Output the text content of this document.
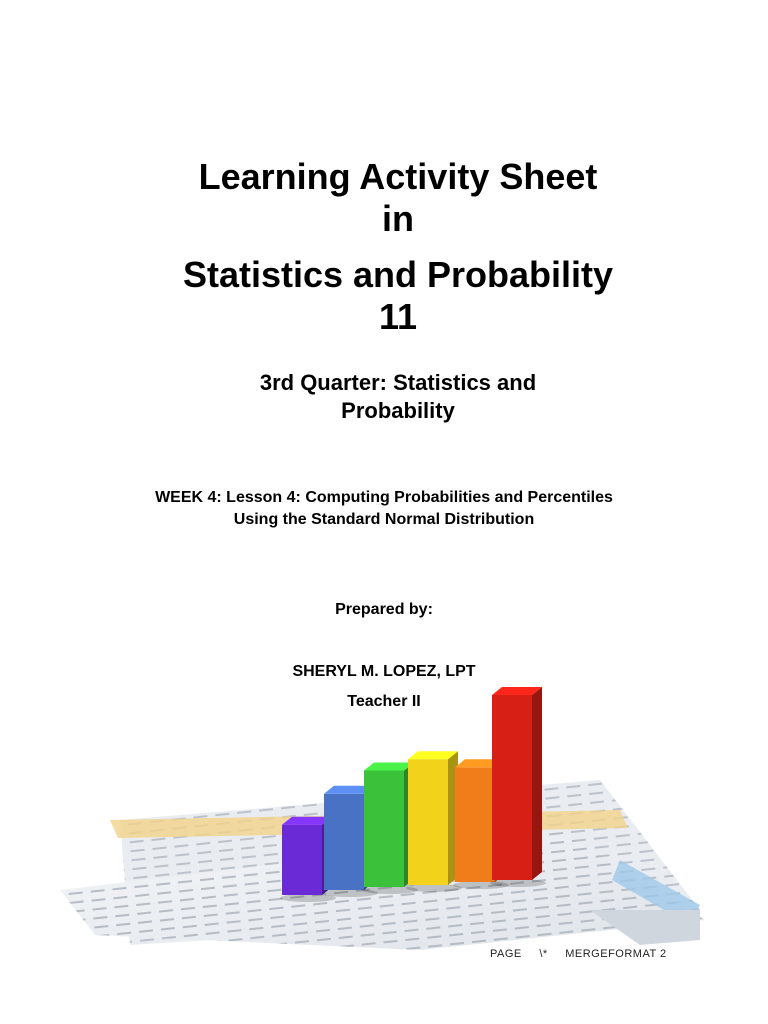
Learning Activity Sheet
in
Statistics and Probability
11
3rd Quarter: Statistics and
Probability
WEEK 4: Lesson 4: Computing Probabilities and Percentiles
Using the Standard Normal Distribution
Prepared by:
SHERYL M. LOPEZ, LPT
Teacher II
PAGE \* MERGEFORMAT 2
